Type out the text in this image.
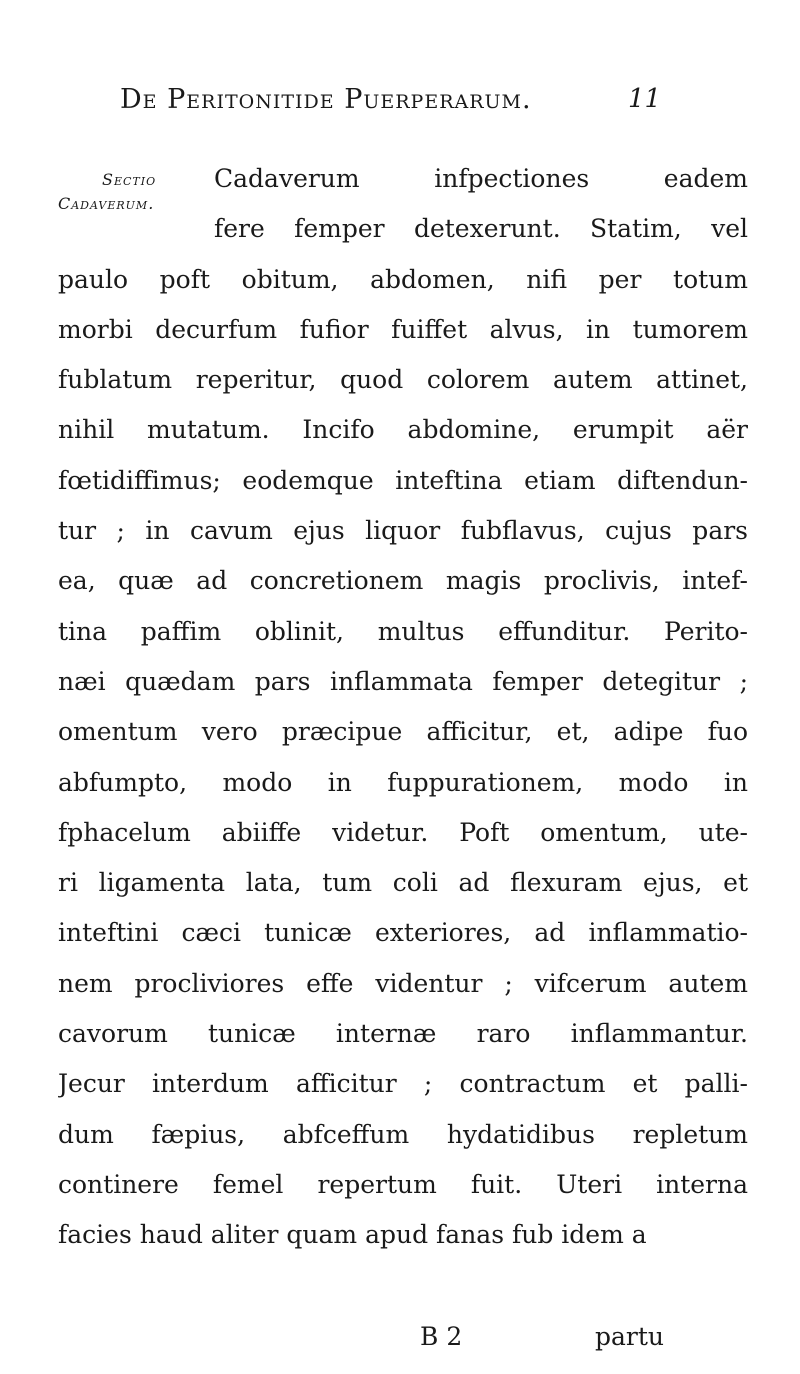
De Peritonitide Puerperarum.	11
Sectio
Cadaverum.
Cadaverum infpectiones eadem
fere femper detexerunt. Statim, vel
paulo poft obitum, abdomen, nifi per totum
morbi decurfum fufior fuiffet alvus, in tumorem
fublatum reperitur, quod colorem autem attinet,
nihil mutatum. Incifo abdomine, erumpit aër
fœtidiffimus; eodemque inteftina etiam diftendun-
tur ; in cavum ejus liquor fubflavus, cujus pars
ea, quæ ad concretionem magis proclivis, intef-
tina paffim oblinit, multus effunditur. Perito-
næi quædam pars inflammata femper detegitur ;
omentum vero præcipue afficitur, et, adipe fuo
abfumpto, modo in fuppurationem, modo in
fphacelum abiiffe videtur. Poft omentum, ute-
ri ligamenta lata, tum coli ad flexuram ejus, et
inteftini cæci tunicæ exteriores, ad inflammatio-
nem procliviores effe videntur ; vifcerum autem
cavorum tunicæ internæ raro inflammantur.
Jecur interdum afficitur ; contractum et palli-
dum fæpius, abfceffum hydatidibus repletum
continere femel repertum fuit. Uteri interna
facies haud aliter quam apud fanas fub idem a
B 2	partu
